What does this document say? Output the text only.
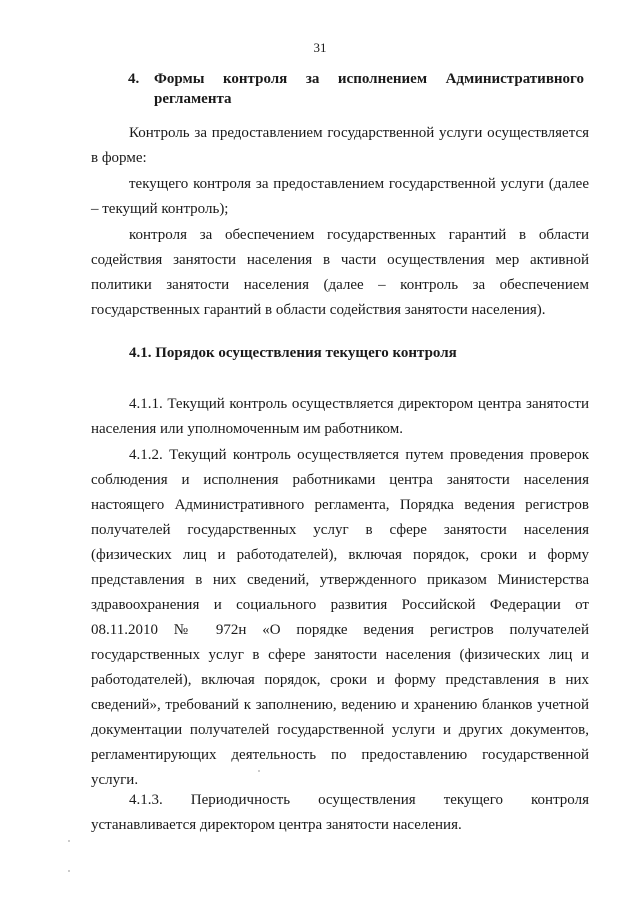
31
4. Формы контроля за исполнением Административного
регламента
Контроль за предоставлением государственной услуги осуществляется в форме:
текущего контроля за предоставлением государственной услуги (далее – текущий контроль);
контроля за обеспечением государственных гарантий в области содействия занятости населения в части осуществления мер активной политики занятости населения (далее – контроль за обеспечением государственных гарантий в области содействия занятости населения).
4.1. Порядок осуществления текущего контроля
4.1.1. Текущий контроль осуществляется директором центра занятости населения или уполномоченным им работником.
4.1.2. Текущий контроль осуществляется путем проведения проверок соблюдения и исполнения работниками центра занятости населения настоящего Административного регламента, Порядка ведения регистров получателей государственных услуг в сфере занятости населения (физических лиц и работодателей), включая порядок, сроки и форму представления в них сведений, утвержденного приказом Министерства здравоохранения и социального развития Российской Федерации от 08.11.2010 № 972н «О порядке ведения регистров получателей государственных услуг в сфере занятости населения (физических лиц и работодателей), включая порядок, сроки и форму представления в них сведений», требований к заполнению, ведению и хранению бланков учетной документации получателей государственной услуги и других документов, регламентирующих деятельность по предоставлению государственной услуги.
4.1.3. Периодичность осуществления текущего контроля
устанавливается директором центра занятости населения.
